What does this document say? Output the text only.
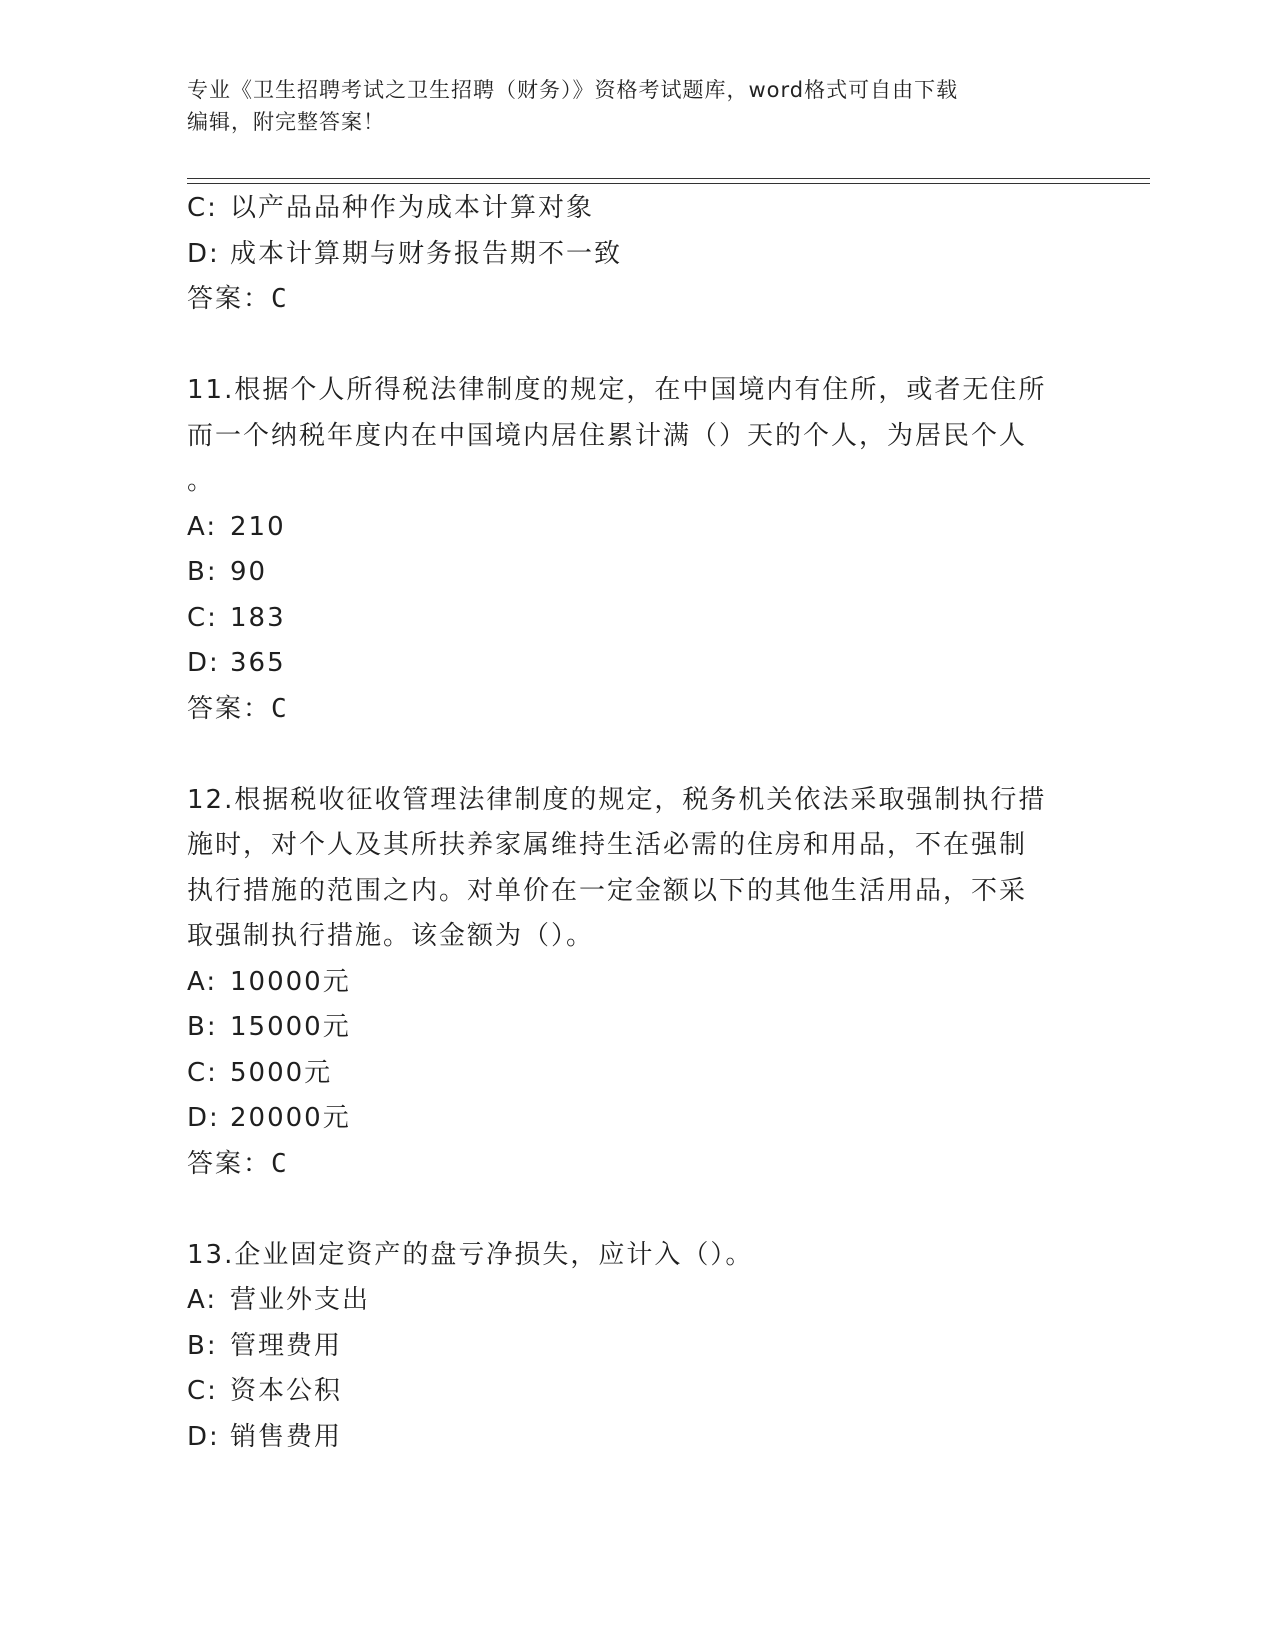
专业《卫生招聘考试之卫生招聘（财务）》资格考试题库，word格式可自由下载
编辑，附完整答案！
C: 以产品品种作为成本计算对象
D: 成本计算期与财务报告期不一致
答案：C
11.根据个人所得税法律制度的规定，在中国境内有住所，或者无住所
而一个纳税年度内在中国境内居住累计满（）天的个人，为居民个人
。
A: 210
B: 90
C: 183
D: 365
答案：C
12.根据税收征收管理法律制度的规定，税务机关依法采取强制执行措
施时，对个人及其所扶养家属维持生活必需的住房和用品，不在强制
执行措施的范围之内。对单价在一定金额以下的其他生活用品，不采
取强制执行措施。该金额为（）。
A: 10000元
B: 15000元
C: 5000元
D: 20000元
答案：C
13.企业固定资产的盘亏净损失，应计入（）。
A: 营业外支出
B: 管理费用
C: 资本公积
D: 销售费用
